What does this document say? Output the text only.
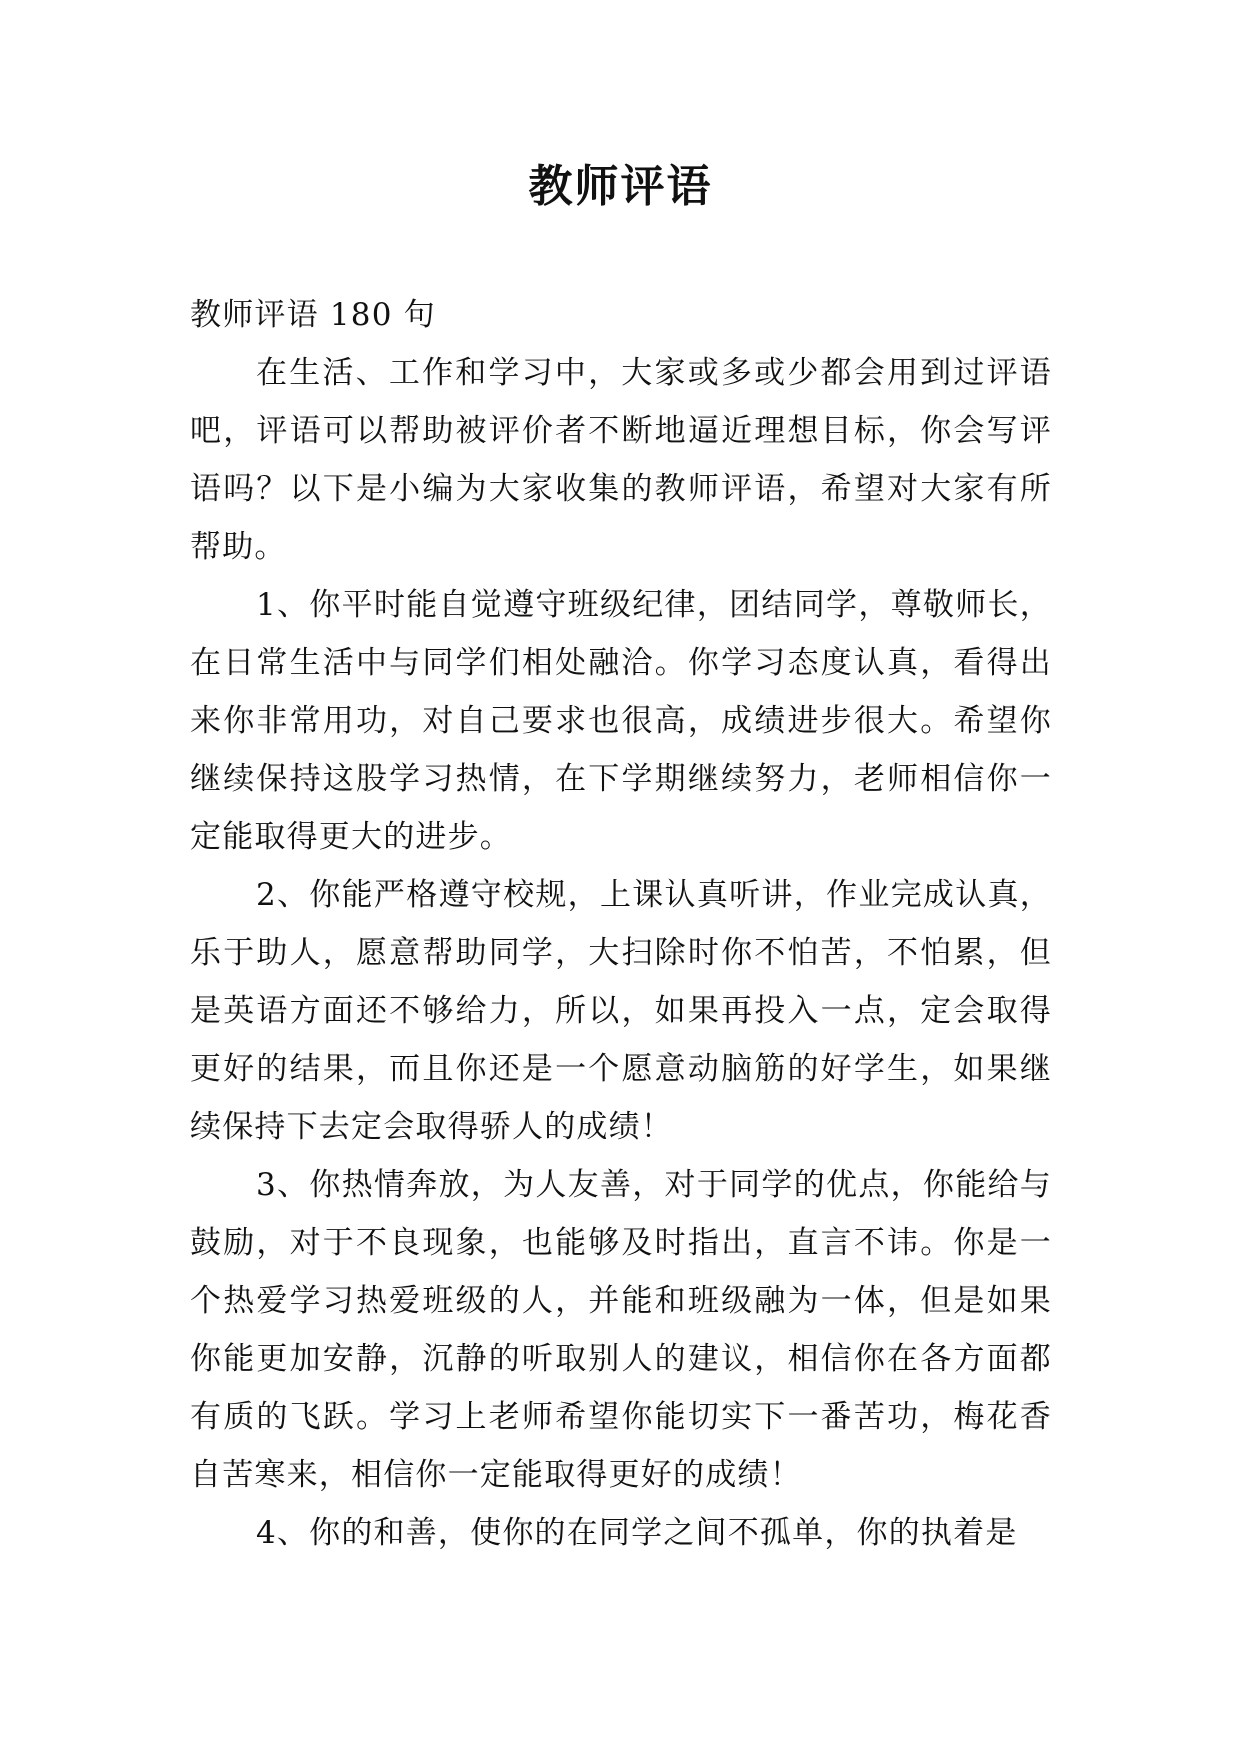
教师评语

教师评语 180 句

在生活、工作和学习中，大家或多或少都会用到过评语吧，评语可以帮助被评价者不断地逼近理想目标，你会写评语吗？以下是小编为大家收集的教师评语，希望对大家有所帮助。

1、你平时能自觉遵守班级纪律，团结同学，尊敬师长，在日常生活中与同学们相处融洽。你学习态度认真，看得出来你非常用功，对自己要求也很高，成绩进步很大。希望你继续保持这股学习热情，在下学期继续努力，老师相信你一定能取得更大的进步。

2、你能严格遵守校规，上课认真听讲，作业完成认真，乐于助人，愿意帮助同学，大扫除时你不怕苦，不怕累，但是英语方面还不够给力，所以，如果再投入一点，定会取得更好的结果，而且你还是一个愿意动脑筋的好学生，如果继续保持下去定会取得骄人的成绩！

3、你热情奔放，为人友善，对于同学的优点，你能给与鼓励，对于不良现象，也能够及时指出，直言不讳。你是一个热爱学习热爱班级的人，并能和班级融为一体，但是如果你能更加安静，沉静的听取别人的建议，相信你在各方面都有质的飞跃。学习上老师希望你能切实下一番苦功，梅花香自苦寒来，相信你一定能取得更好的成绩！

4、你的和善，使你的在同学之间不孤单，你的执着是
